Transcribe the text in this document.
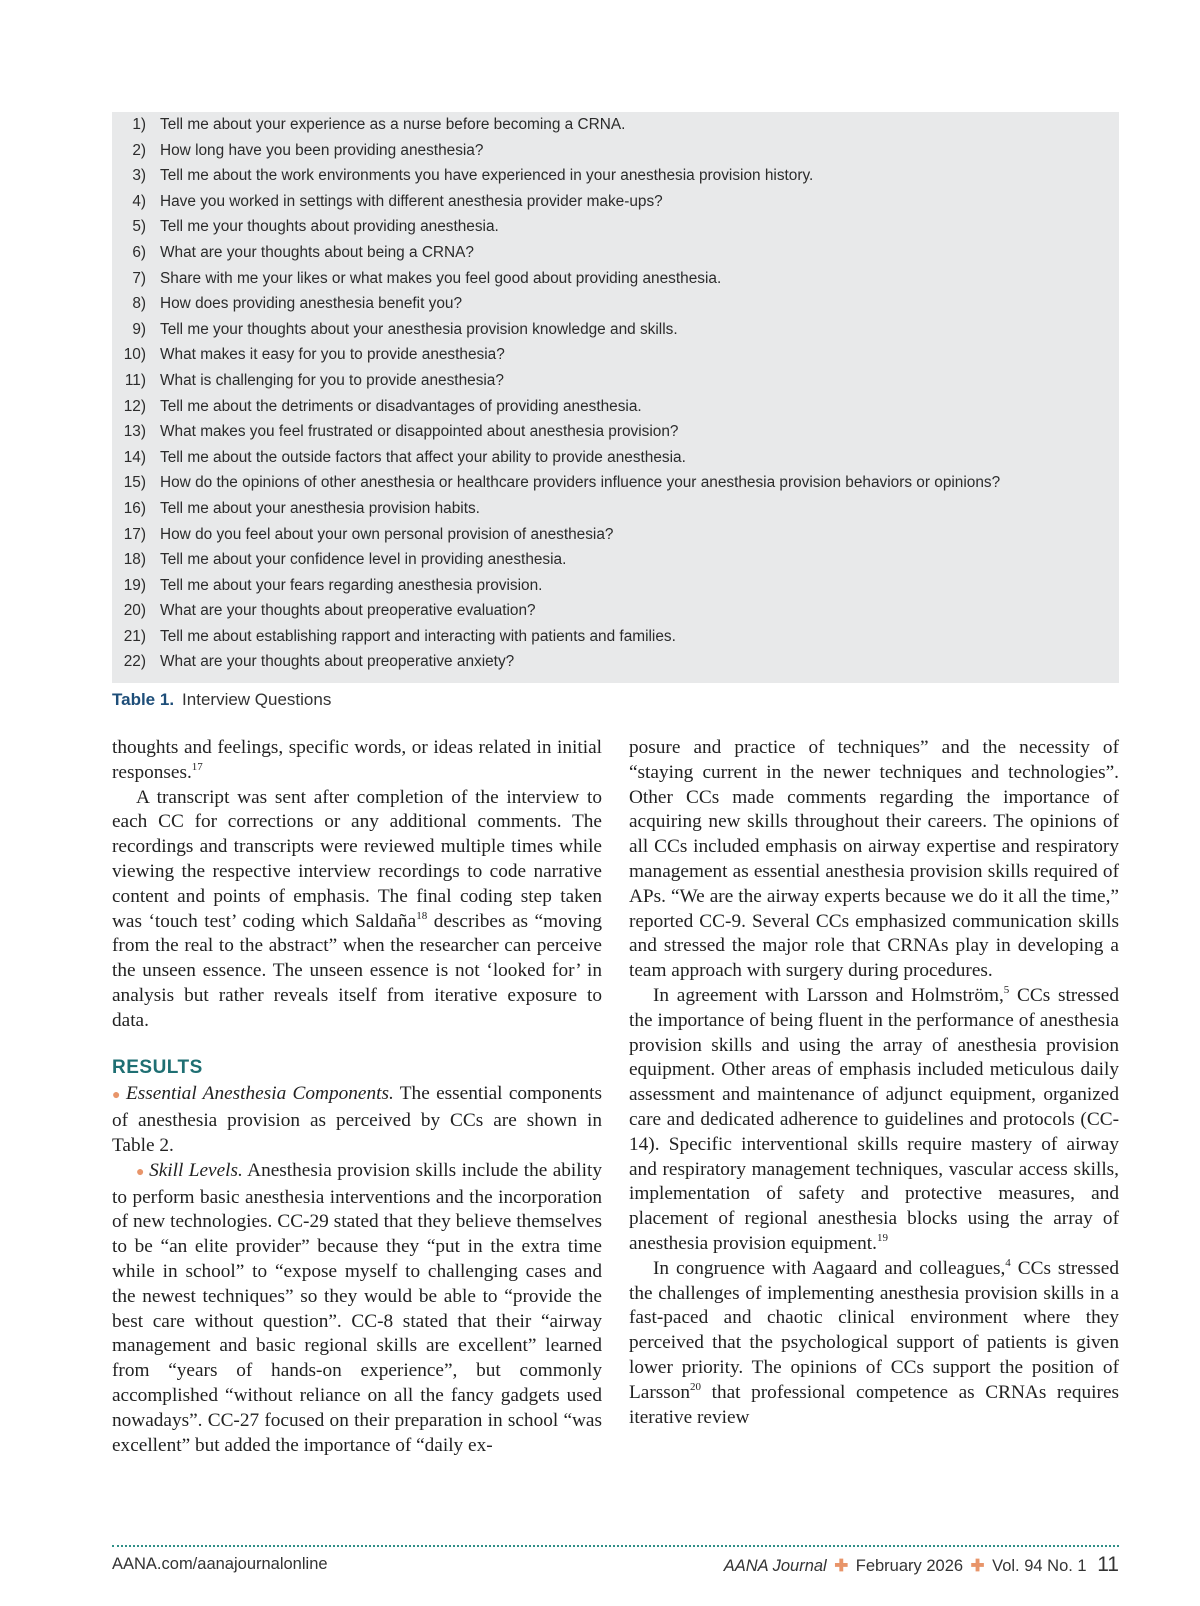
1) Tell me about your experience as a nurse before becoming a CRNA.
2) How long have you been providing anesthesia?
3) Tell me about the work environments you have experienced in your anesthesia provision history.
4) Have you worked in settings with different anesthesia provider make-ups?
5) Tell me your thoughts about providing anesthesia.
6) What are your thoughts about being a CRNA?
7) Share with me your likes or what makes you feel good about providing anesthesia.
8) How does providing anesthesia benefit you?
9) Tell me your thoughts about your anesthesia provision knowledge and skills.
10) What makes it easy for you to provide anesthesia?
11) What is challenging for you to provide anesthesia?
12) Tell me about the detriments or disadvantages of providing anesthesia.
13) What makes you feel frustrated or disappointed about anesthesia provision?
14) Tell me about the outside factors that affect your ability to provide anesthesia.
15) How do the opinions of other anesthesia or healthcare providers influence your anesthesia provision behaviors or opinions?
16) Tell me about your anesthesia provision habits.
17) How do you feel about your own personal provision of anesthesia?
18) Tell me about your confidence level in providing anesthesia.
19) Tell me about your fears regarding anesthesia provision.
20) What are your thoughts about preoperative evaluation?
21) Tell me about establishing rapport and interacting with patients and families.
22) What are your thoughts about preoperative anxiety?
Table 1. Interview Questions

thoughts and feelings, specific words, or ideas related in initial responses.$^{17}$

A transcript was sent after completion of the interview to each CC for corrections or any additional comments. The recordings and transcripts were reviewed multiple times while viewing the respective interview recordings to code narrative content and points of emphasis. The final coding step taken was ‘touch test’ coding which Saldaña$^{18}$ describes as “moving from the real to the abstract” when the researcher can perceive the unseen essence. The unseen essence is not ‘looked for’ in analysis but rather reveals itself from iterative exposure to data.

RESULTS

● Essential Anesthesia Components. The essential components of anesthesia provision as perceived by CCs are shown in Table 2.

● Skill Levels. Anesthesia provision skills include the ability to perform basic anesthesia interventions and the incorporation of new technologies. CC-29 stated that they believe themselves to be “an elite provider” because they “put in the extra time while in school” to “expose myself to challenging cases and the newest techniques” so they would be able to “provide the best care without question”. CC-8 stated that their “airway management and basic regional skills are excellent” learned from “years of hands-on experience”, but commonly accomplished “without reliance on all the fancy gadgets used nowadays”. CC-27 focused on their preparation in school “was excellent” but added the importance of “daily ex-

posure and practice of techniques” and the necessity of “staying current in the newer techniques and technologies”. Other CCs made comments regarding the importance of acquiring new skills throughout their careers. The opinions of all CCs included emphasis on airway expertise and respiratory management as essential anesthesia provision skills required of APs. “We are the airway experts because we do it all the time,” reported CC-9. Several CCs emphasized communication skills and stressed the major role that CRNAs play in developing a team approach with surgery during procedures.

In agreement with Larsson and Holmström,$^5$ CCs stressed the importance of being fluent in the performance of anesthesia provision skills and using the array of anesthesia provision equipment. Other areas of emphasis included meticulous daily assessment and maintenance of adjunct equipment, organized care and dedicated adherence to guidelines and protocols (CC-14). Specific interventional skills require mastery of airway and respiratory management techniques, vascular access skills, implementation of safety and protective measures, and placement of regional anesthesia blocks using the array of anesthesia provision equipment.$^{19}$

In congruence with Aagaard and colleagues,$^4$ CCs stressed the challenges of implementing anesthesia provision skills in a fast-paced and chaotic clinical environment where they perceived that the psychological support of patients is given lower priority. The opinions of CCs support the position of Larsson$^{20}$ that professional competence as CRNAs requires iterative review

AANA.com/aanajournalonline	AANA Journal ✚ February 2026 ✚ Vol. 94 No. 1 11
